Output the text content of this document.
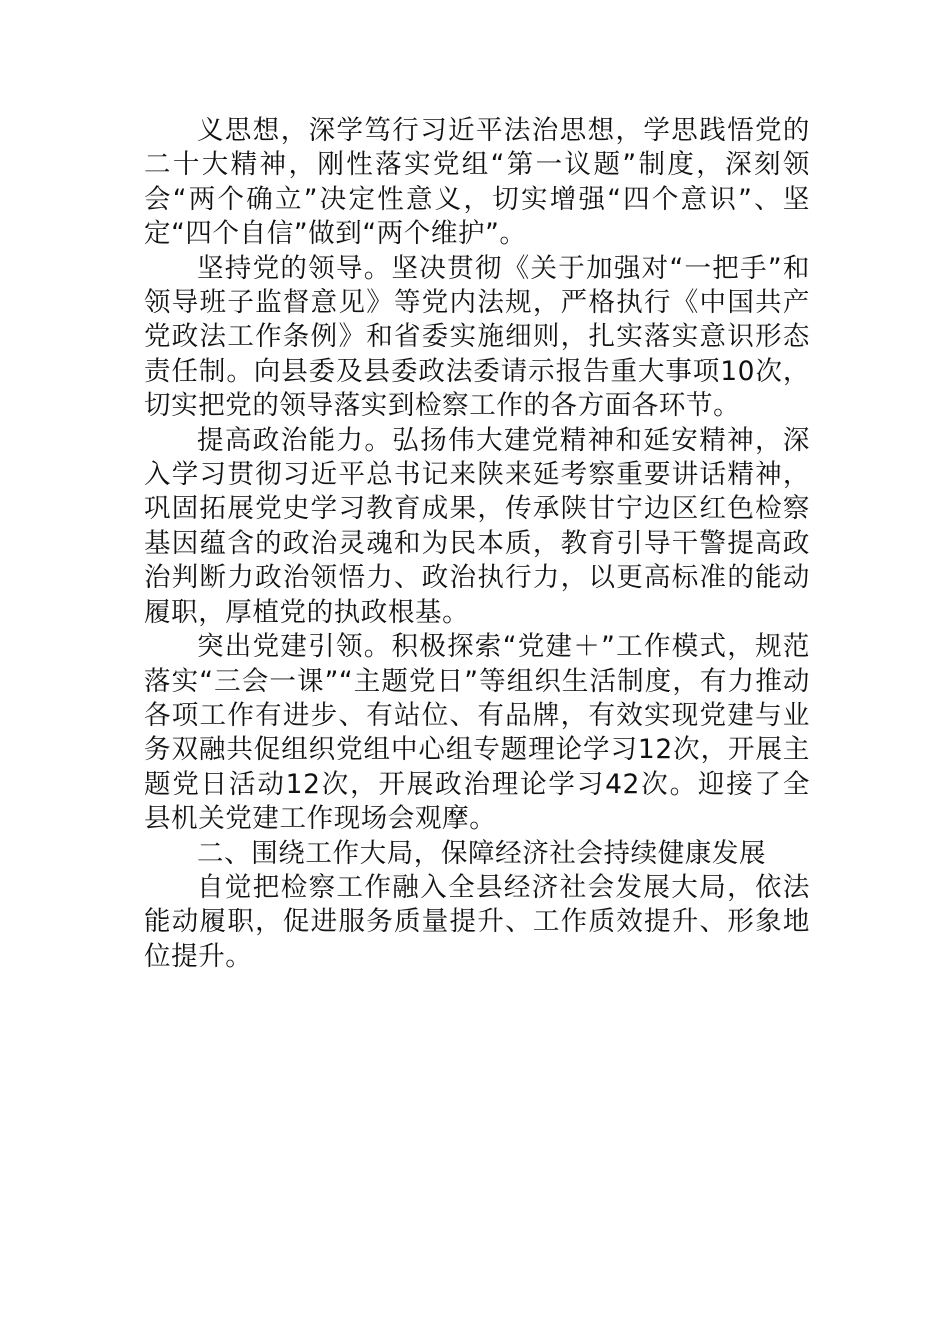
义思想，深学笃行习近平法治思想，学思践悟党的二十大精神，刚性落实党组“第一议题”制度，深刻领会“两个确立”决定性意义，切实增强“四个意识”、坚定“四个自信”做到“两个维护”。

坚持党的领导。坚决贯彻《关于加强对“一把手”和领导班子监督意见》等党内法规，严格执行《中国共产党政法工作条例》和省委实施细则，扎实落实意识形态责任制。向县委及县委政法委请示报告重大事项10次，切实把党的领导落实到检察工作的各方面各环节。

提高政治能力。弘扬伟大建党精神和延安精神，深入学习贯彻习近平总书记来陕来延考察重要讲话精神，巩固拓展党史学习教育成果，传承陕甘宁边区红色检察基因蕴含的政治灵魂和为民本质，教育引导干警提高政治判断力政治领悟力、政治执行力，以更高标准的能动履职，厚植党的执政根基。

突出党建引领。积极探索“党建＋”工作模式，规范落实“三会一课”“主题党日”等组织生活制度，有力推动各项工作有进步、有站位、有品牌，有效实现党建与业务双融共促组织党组中心组专题理论学习12次，开展主题党日活动12次，开展政治理论学习42次。迎接了全县机关党建工作现场会观摩。

二、围绕工作大局，保障经济社会持续健康发展

自觉把检察工作融入全县经济社会发展大局，依法能动履职，促进服务质量提升、工作质效提升、形象地位提升。
